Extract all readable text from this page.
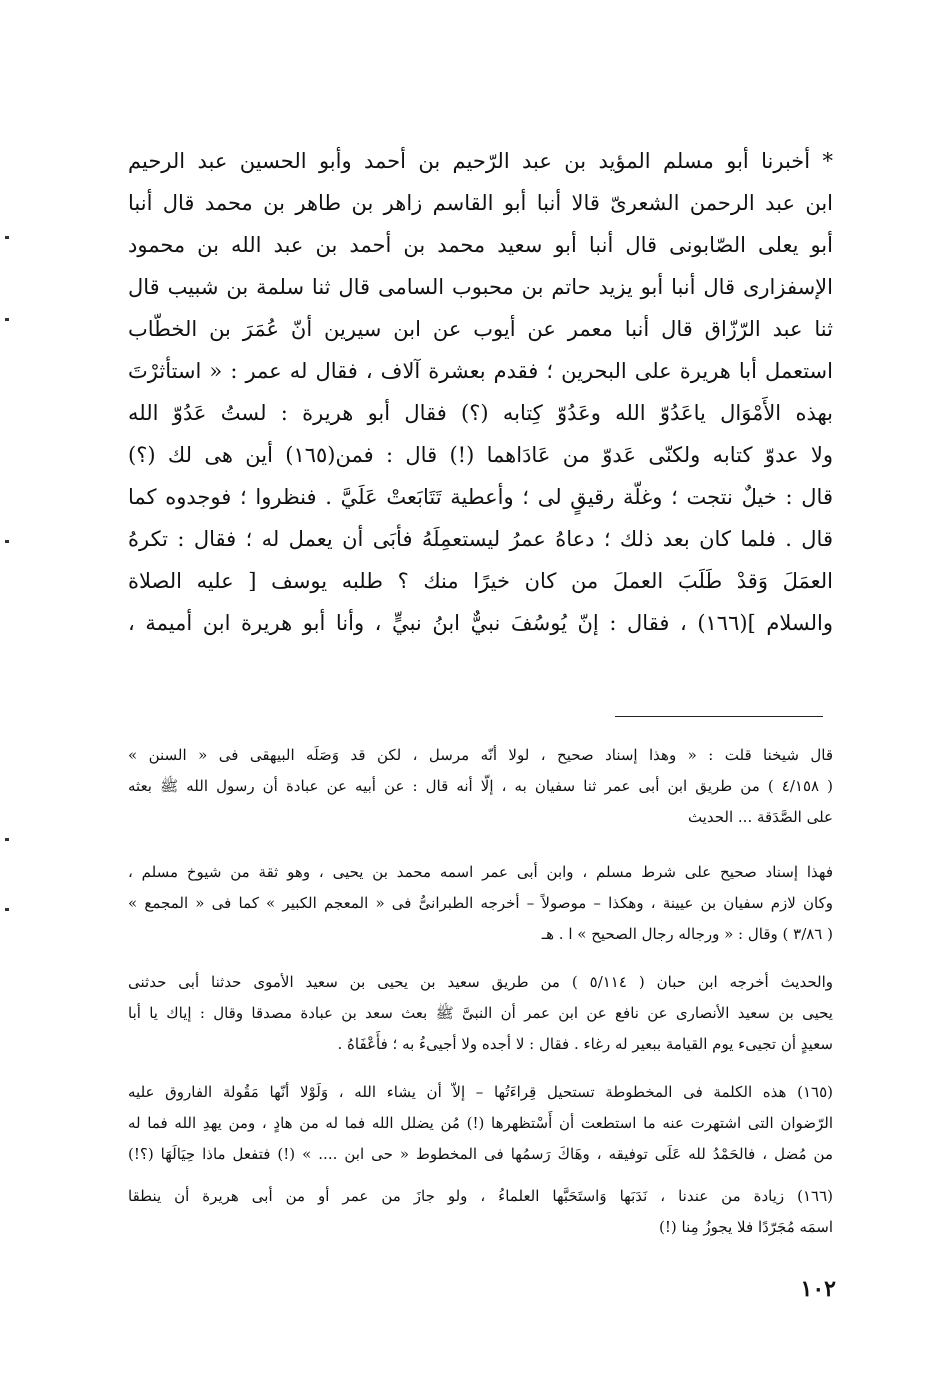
* أخبرنا أبو مسلم المؤيد بن عبد الرّحيم بن أحمد وأبو الحسين عبد الرحيم
ابن عبد الرحمن الشعرىّ قالا أنبا أبو القاسم زاهر بن طاهر بن محمد قال أنبا
أبو يعلى الصّابونى قال أنبا أبو سعيد محمد بن أحمد بن عبد الله بن محمود
الإسفزارى قال أنبا أبو يزيد حاتم بن محبوب السامى قال ثنا سلمة بن شبيب قال
ثنا عبد الرّزّاق قال أنبا معمر عن أيوب عن ابن سيرين أنّ عُمَرَ بن الخطّاب
استعمل أبا هريرة على البحرين ؛ فقدم بعشرة آلاف ، فقال له عمر : « استأثرْتَ
بهذه الأَمْوَال ياعَدُوّ الله وعَدُوّ كِتابه (؟) فقال أبو هريرة : لستُ عَدُوّ الله
ولا عدوّ كتابه ولكنّى عَدوّ من عَادَاهما (!) قال : فمن(١٦٥) أين هى لك (؟)
قال : خيلٌ نتجت ؛ وغلّة رقيقٍ لى ؛ وأعطية تَتَابَعتْ عَلَيَّ . فنظروا ؛ فوجدوه كما
قال . فلما كان بعد ذلك ؛ دعاهُ عمرُ ليستعمِلَهُ فأبَى أن يعمل له ؛ فقال : تكرهُ
العمَلَ وَقدْ طَلَبَ العملَ من كان خيرًا منك ؟ طلبه يوسف [ عليه الصلاة
والسلام ](١٦٦) ، فقال : إنّ يُوسُفَ نبيٌّ ابنُ نبيٍّ ، وأنا أبو هريرة ابن أميمة ،
قال شيخنا قلت : « وهذا إسناد صحيح ، لولا أنّه مرسل ، لكن قد وَصَلَه البيهقى فى « السنن »
( ٤/١٥٨ ) من طريق ابن أبى عمر ثنا سفيان به ، إلّا أنه قال : عن أبيه عن عبادة أن رسول الله ﷺ بعثه
على الصَّدَقة ... الحديث
فهذا إسناد صحيح على شرط مسلم ، وابن أبى عمر اسمه محمد بن يحيى ، وهو ثقة من شيوخ مسلم ،
وكان لازم سفيان بن عيينة ، وهكذا – موصولاً – أخرجه الطبرانىُّ فى « المعجم الكبير » كما فى « المجمع »
( ٣/٨٦ ) وقال : « ورجاله رجال الصحيح » ا . هـ
والحديث أخرجه ابن حبان ( ٥/١١٤ ) من طريق سعيد بن يحيى بن سعيد الأموى حدثنا أبى حدثنى
يحيى بن سعيد الأنصارى عن نافع عن ابن عمر أن النبىَّ ﷺ بعث سعد بن عبادة مصدقا وقال : إياك يا أبا
سعيدٍ أن تجيىء يوم القيامة ببعير له رغاء . فقال : لا أجده ولا أجيىءُ به ؛ فأَعْفَاهُ .
(١٦٥) هذه الكلمة فى المخطوطة تستحيل قِراءَتُها – إلاّ أن يشاء الله ، وَلَوْلا أنّها مَقُولة الفاروق عليه
الرّضوان التى اشتهرت عنه ما استطعت أن أَسْتظهرها (!) مُن يضلل الله فما له من هادٍ ، ومن يهدِ الله فما له
من مُضل ، فالحَمْدُ لله عَلَى توفيقه ، وهَاكَ رَسمُها فى المخطوط « حى ابن .... » (!) فتفعل ماذا حِيَالَهَا (؟!)
(١٦٦) زيادة من عندنا ، نَدَبَها وَاستَحَبَّها العلماءُ ، ولو جازَ من عمر أو من أبى هريرة أن ينطقا
اسمَه مُجَرّدًا فلا يجوزُ مِنا (!)
١٠٢
